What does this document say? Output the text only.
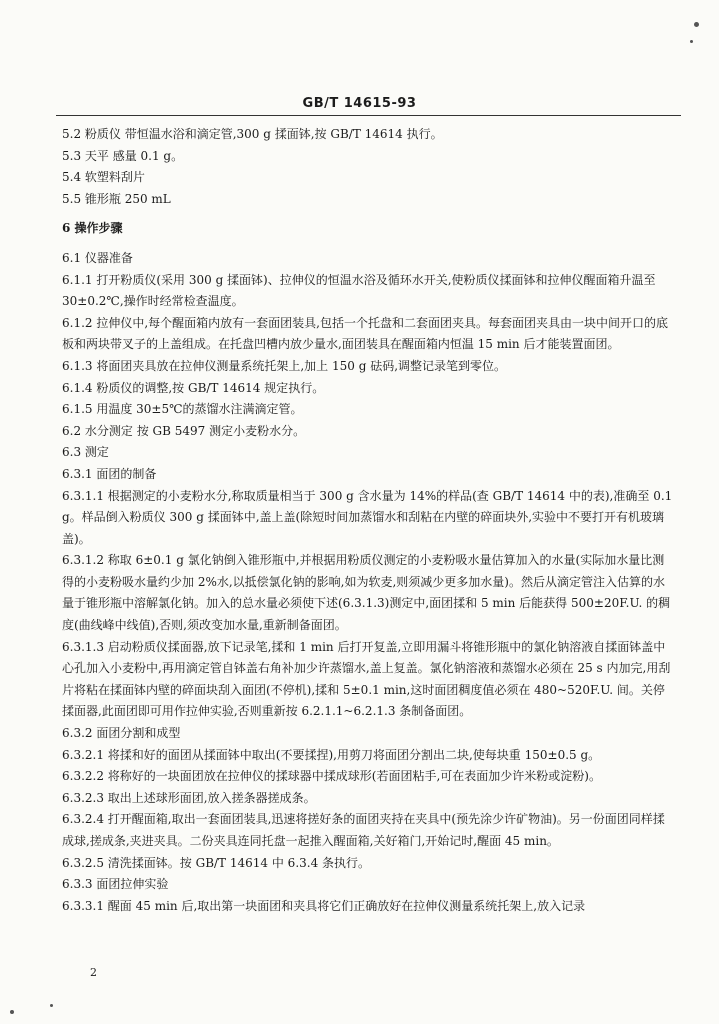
GB/T 14615-93

5.2 粉质仪 带恒温水浴和滴定管,300 g 揉面钵,按 GB/T 14614 执行。

5.3 天平 感量 0.1 g。

5.4 软塑料刮片

5.5 锥形瓶 250 mL

6 操作步骤

6.1 仪器准备

6.1.1 打开粉质仪(采用 300 g 揉面钵)、拉伸仪的恒温水浴及循环水开关,使粉质仪揉面钵和拉伸仪醒面箱升温至 30±0.2℃,操作时经常检查温度。

6.1.2 拉伸仪中,每个醒面箱内放有一套面团装具,包括一个托盘和二套面团夹具。每套面团夹具由一块中间开口的底板和两块带叉子的上盖组成。在托盘凹槽内放少量水,面团装具在醒面箱内恒温 15 min 后才能装置面团。

6.1.3 将面团夹具放在拉伸仪测量系统托架上,加上 150 g 砝码,调整记录笔到零位。

6.1.4 粉质仪的调整,按 GB/T 14614 规定执行。

6.1.5 用温度 30±5℃的蒸馏水注满滴定管。

6.2 水分测定 按 GB 5497 测定小麦粉水分。

6.3 测定

6.3.1 面团的制备

6.3.1.1 根据测定的小麦粉水分,称取质量相当于 300 g 含水量为 14%的样品(查 GB/T 14614 中的表),准确至 0.1 g。样品倒入粉质仪 300 g 揉面钵中,盖上盖(除短时间加蒸馏水和刮粘在内壁的碎面块外,实验中不要打开有机玻璃盖)。

6.3.1.2 称取 6±0.1 g 氯化钠倒入锥形瓶中,并根据用粉质仪测定的小麦粉吸水量估算加入的水量(实际加水量比测得的小麦粉吸水量约少加 2%水,以抵偿氯化钠的影响,如为软麦,则须减少更多加水量)。然后从滴定管注入估算的水量于锥形瓶中溶解氯化钠。加入的总水量必须使下述(6.3.1.3)测定中,面团揉和 5 min 后能获得 500±20F.U. 的稠度(曲线峰中线值),否则,须改变加水量,重新制备面团。

6.3.1.3 启动粉质仪揉面器,放下记录笔,揉和 1 min 后打开复盖,立即用漏斗将锥形瓶中的氯化钠溶液自揉面钵盖中心孔加入小麦粉中,再用滴定管自钵盖右角补加少许蒸馏水,盖上复盖。氯化钠溶液和蒸馏水必须在 25 s 内加完,用刮片将粘在揉面钵内壁的碎面块刮入面团(不停机),揉和 5±0.1 min,这时面团稠度值必须在 480~520F.U. 间。关停揉面器,此面团即可用作拉伸实验,否则重新按 6.2.1.1~6.2.1.3 条制备面团。

6.3.2 面团分割和成型

6.3.2.1 将揉和好的面团从揉面钵中取出(不要揉捏),用剪刀将面团分割出二块,使每块重 150±0.5 g。

6.3.2.2 将称好的一块面团放在拉伸仪的揉球器中揉成球形(若面团粘手,可在表面加少许米粉或淀粉)。

6.3.2.3 取出上述球形面团,放入搓条器搓成条。

6.3.2.4 打开醒面箱,取出一套面团装具,迅速将搓好条的面团夹持在夹具中(预先涂少许矿物油)。另一份面团同样揉成球,搓成条,夹进夹具。二份夹具连同托盘一起推入醒面箱,关好箱门,开始记时,醒面 45 min。

6.3.2.5 清洗揉面钵。按 GB/T 14614 中 6.3.4 条执行。

6.3.3 面团拉伸实验

6.3.3.1 醒面 45 min 后,取出第一块面团和夹具将它们正确放好在拉伸仪测量系统托架上,放入记录

2
